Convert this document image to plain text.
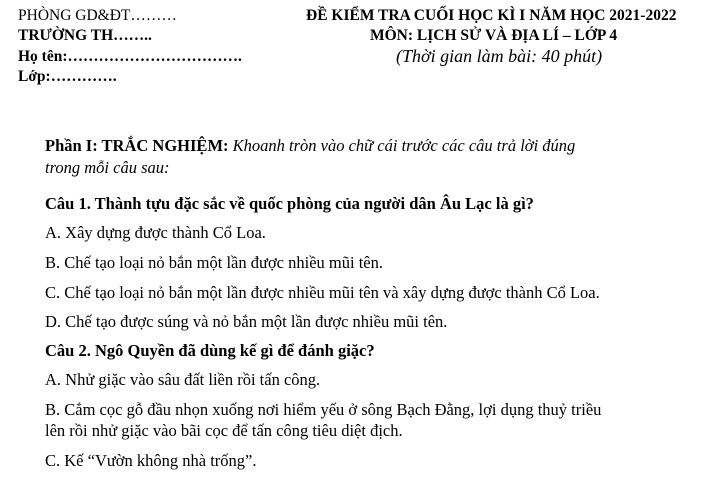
PHÒNG GD&ĐT………
TRƯỜNG TH……..
Họ tên:…………………………….
Lớp:………….
ĐỀ KIỂM TRA CUỐI HỌC KÌ I NĂM HỌC 2021-2022
MÔN: LỊCH SỬ VÀ ĐỊA LÍ – LỚP 4
(Thời gian làm bài: 40 phút)
Phần I: TRẮC NGHIỆM: Khoanh tròn vào chữ cái trước các câu trả lời đúng
trong mỗi câu sau:
Câu 1. Thành tựu đặc sắc về quốc phòng của người dân Âu Lạc là gì?
A. Xây dựng được thành Cổ Loa.
B. Chế tạo loại nỏ bắn một lần được nhiều mũi tên.
C. Chế tạo loại nỏ bắn một lần được nhiều mũi tên và xây dựng được thành Cổ Loa.
D. Chế tạo được súng và nỏ bắn một lần được nhiều mũi tên.
Câu 2. Ngô Quyền đã dùng kế gì để đánh giặc?
A. Nhử giặc vào sâu đất liền rồi tấn công.
B. Cắm cọc gỗ đầu nhọn xuống nơi hiểm yếu ở sông Bạch Đằng, lợi dụng thuỷ triều
lên rồi nhử giặc vào bãi cọc để tấn công tiêu diệt địch.
C. Kế “Vườn không nhà trống”.
